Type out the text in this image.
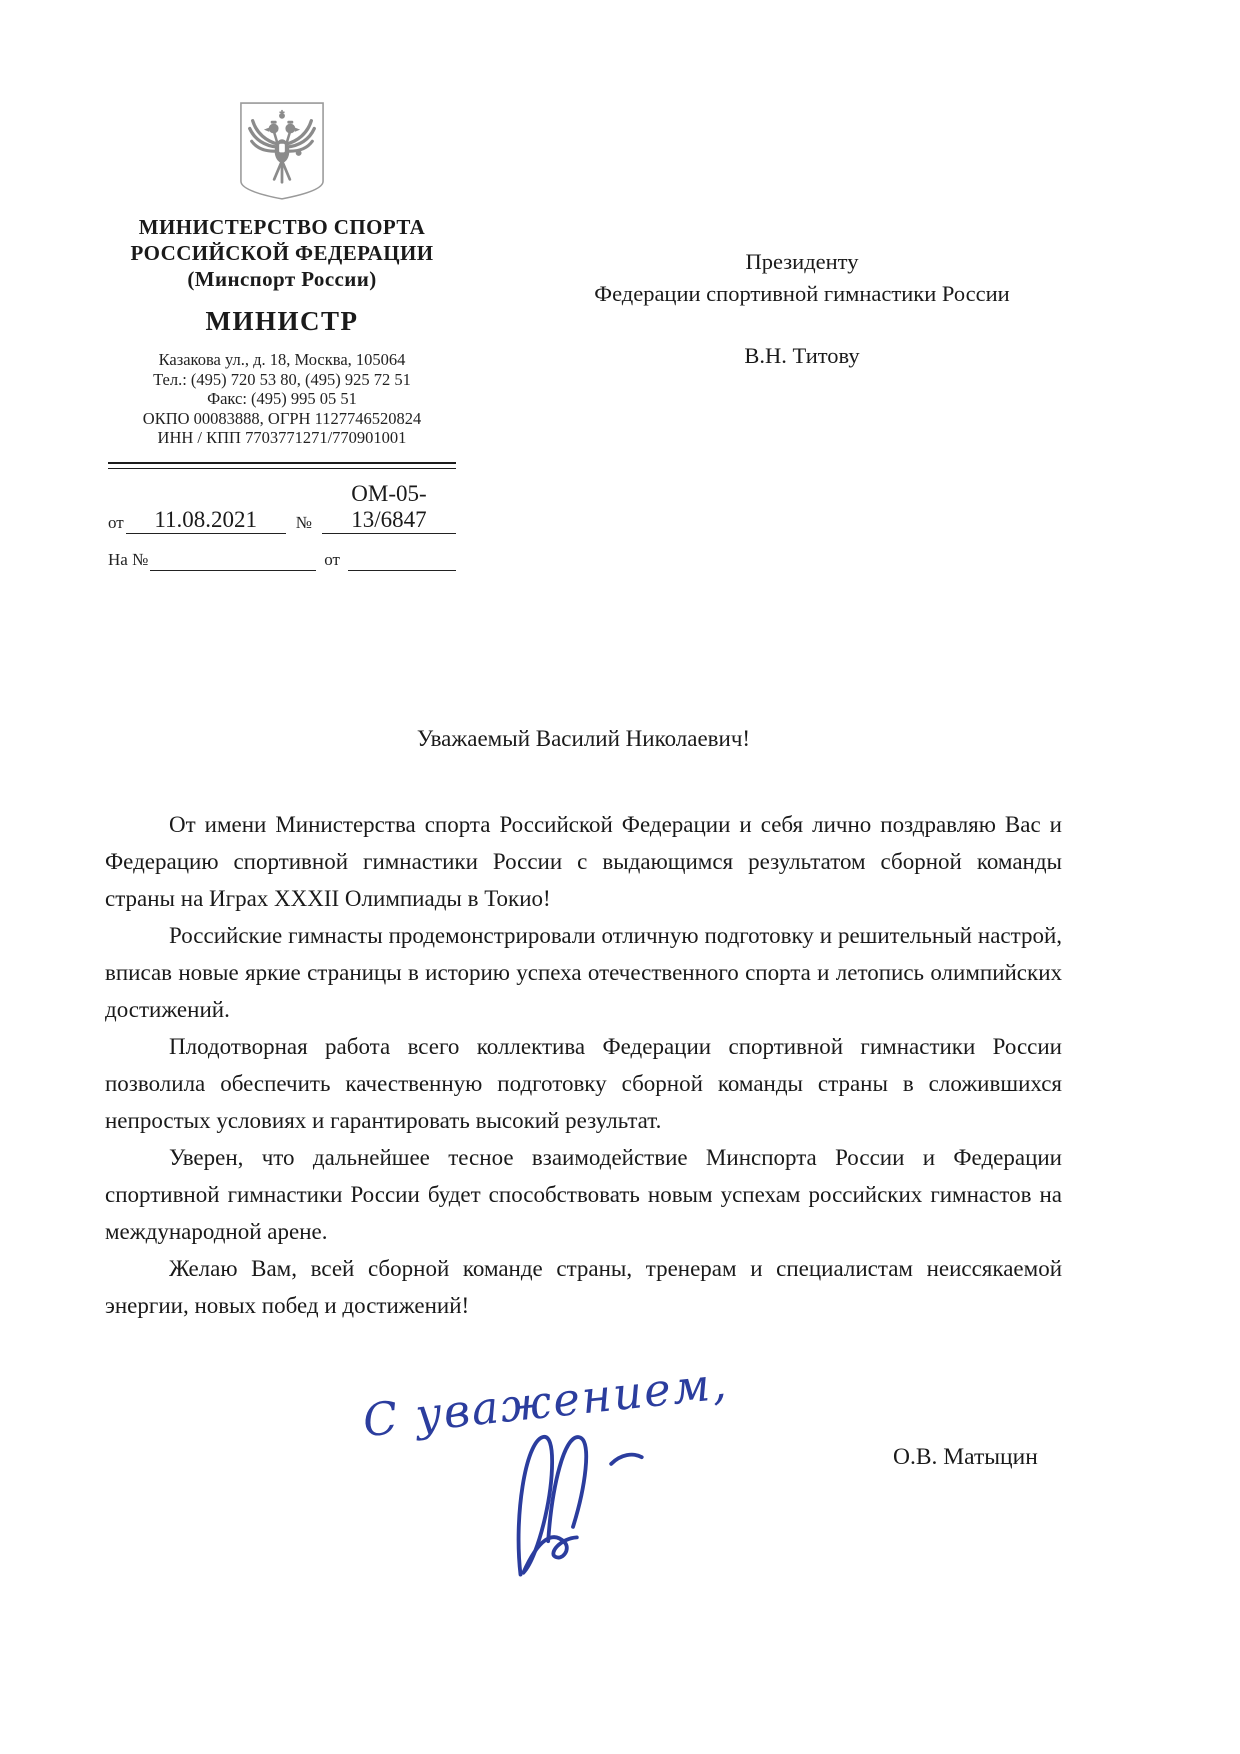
МИНИСТЕРСТВО СПОРТА
РОССИЙСКОЙ ФЕДЕРАЦИИ
(Минспорт России)
МИНИСТР
Казакова ул., д. 18, Москва, 105064
Тел.: (495) 720 53 80, (495) 925 72 51
Факс: (495) 995 05 51
ОКПО 00083888, ОГРН 1127746520824
ИНН / КПП 7703771271/770901001
от	11.08.2021	№
ОМ-05-13/6847
На №	от
Президенту
Федерации спортивной гимнастики России
В.Н. Титову
Уважаемый Василий Николаевич!

От имени Министерства спорта Российской Федерации и себя лично поздравляю Вас и Федерацию спортивной гимнастики России с выдающимся результатом сборной команды страны на Играх XXXII Олимпиады в Токио!

Российские гимнасты продемонстрировали отличную подготовку и решительный настрой, вписав новые яркие страницы в историю успеха отечественного спорта и летопись олимпийских достижений.

Плодотворная работа всего коллектива Федерации спортивной гимнастики России позволила обеспечить качественную подготовку сборной команды страны в сложившихся непростых условиях и гарантировать высокий результат.

Уверен, что дальнейшее тесное взаимодействие Минспорта России и Федерации спортивной гимнастики России будет способствовать новым успехам российских гимнастов на международной арене.

Желаю Вам, всей сборной команде страны, тренерам и специалистам неиссякаемой энергии, новых побед и достижений!

С уважением,
О.В. Матыцин
